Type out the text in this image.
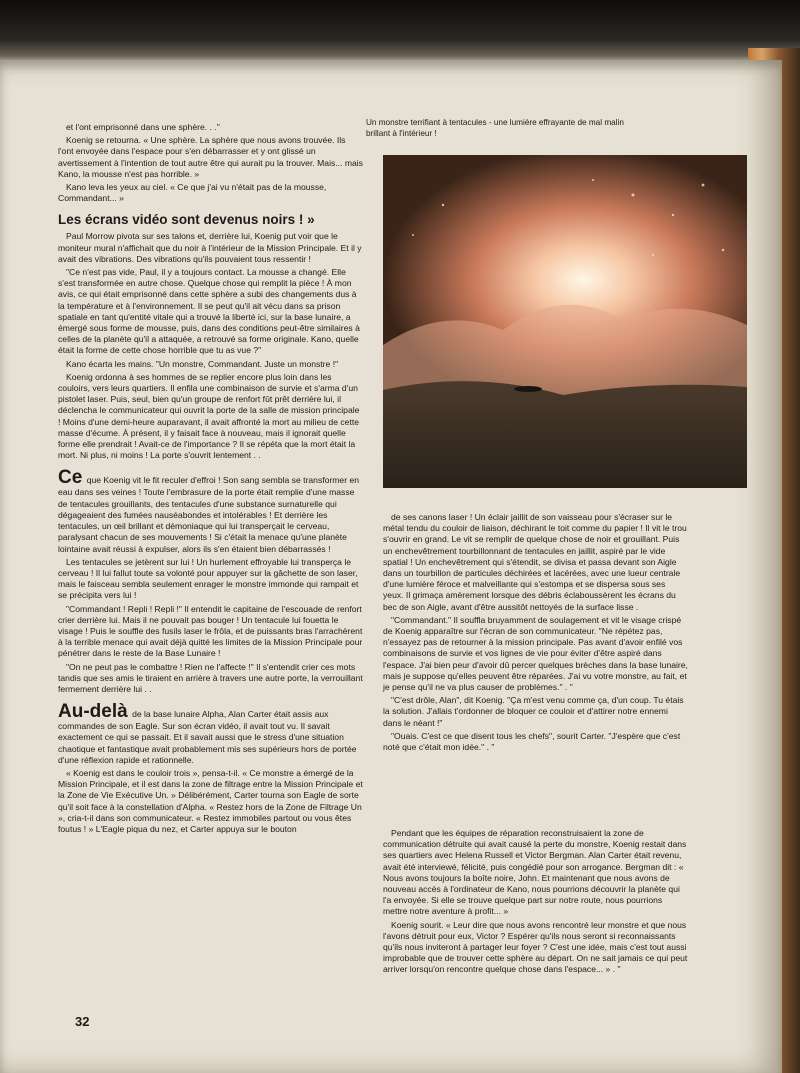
et l'ont emprisonné dans une sphère. . ."

Koenig se retourna. « Une sphère. La sphère que nous avons trouvée. Ils l'ont envoyée dans l'espace pour s'en débarrasser et y ont glissé un avertissement à l'intention de tout autre être qui aurait pu la trouver. Mais... mais Kano, la mousse n'est pas horrible. »

Kano leva les yeux au ciel. « Ce que j'ai vu n'était pas de la mousse, Commandant... »

Les écrans vidéo sont devenus noirs ! »

Paul Morrow pivota sur ses talons et, derrière lui, Koenig put voir que le moniteur mural n'affichait que du noir à l'intérieur de la Mission Principale. Et il y avait des vibrations. Des vibrations qu'ils pouvaient tous ressentir !

"Ce n'est pas vide, Paul, il y a toujours contact. La mousse a changé. Elle s'est transformée en autre chose. Quelque chose qui remplit la pièce ! À mon avis, ce qui était emprisonné dans cette sphère a subi des changements dus à la température et à l'environnement. Il se peut qu'il ait vécu dans sa prison spatiale en tant qu'entité vitale qui a trouvé la liberté ici, sur la base lunaire, a émergé sous forme de mousse, puis, dans des conditions peut-être similaires à celles de la planète qu'il a attaquée, a retrouvé sa forme originale. Kano, quelle était la forme de cette chose horrible que tu as vue ?"

Kano écarta les mains. "Un monstre, Commandant. Juste un monstre !"

Koenig ordonna à ses hommes de se replier encore plus loin dans les couloirs, vers leurs quartiers. Il enfila une combinaison de survie et s'arma d'un pistolet laser. Puis, seul, bien qu'un groupe de renfort fût prêt derrière lui, il déclencha le communicateur qui ouvrit la porte de la salle de mission principale ! Moins d'une demi-heure auparavant, il avait affronté la mort au milieu de cette masse d'écume. À présent, il y faisait face à nouveau, mais il ignorait quelle forme elle prendrait ! Avait-ce de l'importance ? Il se répéta que la mort était la mort. Ni plus, ni moins ! La porte s'ouvrit lentement . .

Ce que Koenig vit le fit reculer d'effroi ! Son sang sembla se transformer en eau dans ses veines ! Toute l'embrasure de la porte était remplie d'une masse de tentacules grouillants, des tentacules d'une substance surnaturelle qui dégageaient des fumées nauséabondes et intolérables ! Et derrière les tentacules, un œil brillant et démoniaque qui lui transperçait le cerveau, paralysant chacun de ses mouvements ! Si c'était la menace qu'une planète lointaine avait réussi à expulser, alors ils s'en étaient bien débarrassés !

Les tentacules se jetèrent sur lui ! Un hurlement effroyable lui transperça le cerveau ! Il lui fallut toute sa volonté pour appuyer sur la gâchette de son laser, mais le faisceau sembla seulement enrager le monstre immonde qui rampait et se précipita vers lui !

"Commandant ! Repli ! Repli !" Il entendit le capitaine de l'escouade de renfort crier derrière lui. Mais il ne pouvait pas bouger ! Un tentacule lui fouetta le visage ! Puis le souffle des fusils laser le frôla, et de puissants bras l'arrachèrent à la terrible menace qui avait déjà quitté les limites de la Mission Principale pour pénétrer dans le reste de la Base Lunaire !

"On ne peut pas le combattre ! Rien ne l'affecte !" Il s'entendit crier ces mots tandis que ses amis le tiraient en arrière à travers une autre porte, la verrouillant fermement derrière lui . .

Au-delà de la base lunaire Alpha, Alan Carter était assis aux commandes de son Eagle. Sur son écran vidéo, il avait tout vu. Il savait exactement ce qui se passait. Et il savait aussi que le stress d'une situation chaotique et fantastique avait probablement mis ses supérieurs hors de portée d'une réflexion rapide et rationnelle.

« Koenig est dans le couloir trois », pensa-t-il. « Ce monstre a émergé de la Mission Principale, et il est dans la zone de filtrage entre la Mission Principale et la Zone de Vie Exécutive Un. » Délibérément, Carter tourna son Eagle de sorte qu'il soit face à la constellation d'Alpha. « Restez hors de la Zone de Filtrage Un », cria-t-il dans son communicateur. « Restez immobiles partout ou vous êtes foutus ! » L'Eagle piqua du nez, et Carter appuya sur le bouton

Un monstre terrifiant à tentacules - une lumière effrayante de mal malin brillant à l'intérieur !

de ses canons laser ! Un éclair jaillit de son vaisseau pour s'écraser sur le métal tendu du couloir de liaison, déchirant le toit comme du papier ! Il vit le trou s'ouvrir en grand. Le vit se remplir de quelque chose de noir et grouillant. Puis un enchevêtrement tourbillonnant de tentacules en jaillit, aspiré par le vide spatial ! Un enchevêtrement qui s'étendit, se divisa et passa devant son Aigle dans un tourbillon de particules déchirées et lacérées, avec une lueur centrale d'une lumière féroce et malveillante qui s'estompa et se dispersa sous ses yeux. Il grimaça amèrement lorsque des débris éclaboussèrent les écrans du bec de son Aigle, avant d'être aussitôt nettoyés de la surface lisse .

"Commandant." Il souffla bruyamment de soulagement et vit le visage crispé de Koenig apparaître sur l'écran de son communicateur. "Ne répétez pas, n'essayez pas de retourner à la mission principale. Pas avant d'avoir enfilé vos combinaisons de survie et vos lignes de vie pour éviter d'être aspiré dans l'espace. J'ai bien peur d'avoir dû percer quelques brèches dans la base lunaire, mais je suppose qu'elles peuvent être réparées. J'ai vu votre monstre, au fait, et je pense qu'il ne va plus causer de problèmes." . "

"C'est drôle, Alan", dit Koenig. "Ça m'est venu comme ça, d'un coup. Tu étais la solution. J'allais t'ordonner de bloquer ce couloir et d'attirer notre ennemi dans le néant !"

"Ouais. C'est ce que disent tous les chefs", sourit Carter. "J'espère que c'est noté que c'était mon idée." . "

Pendant que les équipes de réparation reconstruisaient la zone de communication détruite qui avait causé la perte du monstre, Koenig restait dans ses quartiers avec Helena Russell et Victor Bergman. Alan Carter était revenu, avait été interviewé, félicité, puis congédié pour son arrogance. Bergman dit : « Nous avons toujours la boîte noire, John. Et maintenant que nous avons de nouveau accès à l'ordinateur de Kano, nous pourrions découvrir la planète qui l'a envoyée. Si elle se trouve quelque part sur notre route, nous pourrions mettre notre aventure à profit... »

Koenig sourit. « Leur dire que nous avons rencontré leur monstre et que nous l'avons détruit pour eux, Victor ? Espérer qu'ils nous seront si reconnaissants qu'ils nous inviteront à partager leur foyer ? C'est une idée, mais c'est tout aussi improbable que de trouver cette sphère au départ. On ne sait jamais ce qui peut arriver lorsqu'on rencontre quelque chose dans l'espace... » . "

32
